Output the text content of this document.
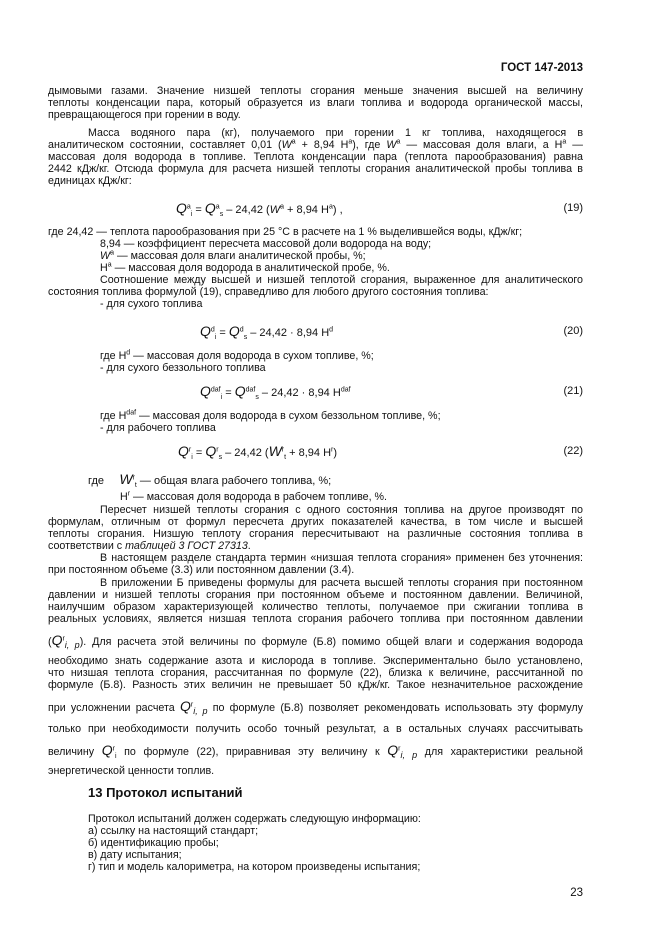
ГОСТ 147-2013
дымовыми газами. Значение низшей теплоты сгорания меньше значения высшей на величину
теплоты конденсации пара, который образуется из влаги топлива и водорода органической массы,
превращающегося при горении в воду.
Масса водяного пара (кг), получаемого при горении 1 кг топлива, находящегося в
аналитическом состоянии, составляет 0,01 ($W^a + 8,94$ $H^a$), где $W^a$ — массовая доля влаги, а $H^a$ —
массовая доля водорода в топливе. Теплота конденсации пара (теплота парообразования) равна
2442 кДж/кг. Отсюда формула для расчета низшей теплоты сгорания аналитической пробы топлива в
единицах кДж/кг:
$Q^a_i = Q^a_s - 24,42$ ($W^a + 8,94$ $H^a$) ,	(19)
где 24,42 — теплота парообразования при 25 °С в расчете на 1 % выделившейся воды, кДж/кг;
8,94 — коэффициент пересчета массовой доли водорода на воду;
$W^a$ — массовая доля влаги аналитической пробы, %;
$H^a$ — массовая доля водорода в аналитической пробе, %.
Соотношение между высшей и низшей теплотой сгорания, выраженное для аналитического
состояния топлива формулой (19), справедливо для любого другого состояния топлива:
- для сухого топлива
$Q^d_i = Q^d_s - 24,42 \cdot 8,94$ $H^d$	(20)
где $H^d$ — массовая доля водорода в сухом топливе, %;
- для сухого беззольного топлива
$Q^{daf}_i = Q^{daf}_s - 24,42 \cdot 8,94$ $H^{daf}$	(21)
где $H^{daf}$ — массовая доля водорода в сухом беззольном топливе, %;
- для рабочего топлива
$Q^r_i = Q^r_s - 24,42$ ($W^r_t + 8,94$ $H^r$)	(22)
где $W^r_t$ — общая влага рабочего топлива, %;
$H^r$ — массовая доля водорода в рабочем топливе, %.
Пересчет низшей теплоты сгорания с одного состояния топлива на другое производят по
формулам, отличным от формул пересчета других показателей качества, в том числе и высшей
теплоты сгорания. Низшую теплоту сгорания пересчитывают на различные состояния топлива в
соответствии с таблицей 3 ГОСТ 27313.
В настоящем разделе стандарта термин «низшая теплота сгорания» применен без уточнения:
при постоянном объеме (3.3) или постоянном давлении (3.4).
В приложении Б приведены формулы для расчета высшей теплоты сгорания при постоянном
давлении и низшей теплоты сгорания при постоянном объеме и постоянном давлении. Величиной,
наилучшим образом характеризующей количество теплоты, получаемое при сжигании топлива в
реальных условиях, является низшая теплота сгорания рабочего топлива при постоянном давлении
$(Q^r_{i, p})$. Для расчета этой величины по формуле (Б.8) помимо общей влаги и содержания водорода
необходимо знать содержание азота и кислорода в топливе. Экспериментально было установлено,
что низшая теплота сгорания, рассчитанная по формуле (22), близка к величине, рассчитанной по
формуле (Б.8). Разность этих величин не превышает 50 кДж/кг. Такое незначительное расхождение
при усложнении расчета $Q^r_{i, p}$ по формуле (Б.8) позволяет рекомендовать использовать эту формулу
только при необходимости получить особо точный результат, а в остальных случаях рассчитывать
величину $Q^r_i$ по формуле (22), приравнивая эту величину к $Q^r_{i, p}$ для характеристики реальной
энергетической ценности топлив.
13 Протокол испытаний
Протокол испытаний должен содержать следующую информацию:
а) ссылку на настоящий стандарт;
б) идентификацию пробы;
в) дату испытания;
г) тип и модель калориметра, на котором произведены испытания;
23
